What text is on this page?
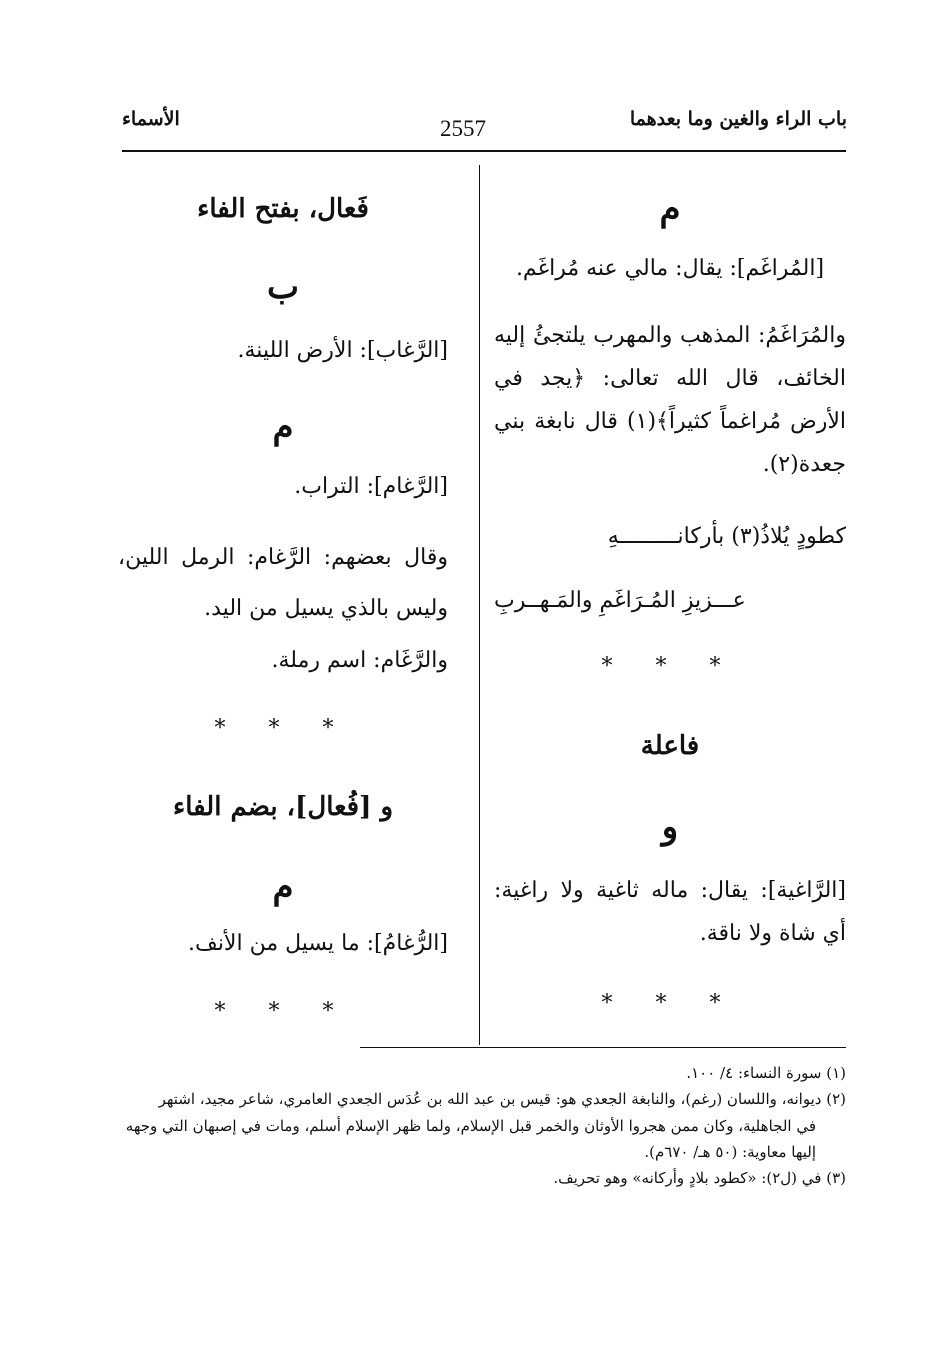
باب الراء والغين وما بعدهما
2557
الأسماء
م
[المُراغَم]: يقال: مالي عنه مُراغَم.
والمُرَاغَمُ: المذهب والمهرب يلتجئُ إليه الخائف، قال الله تعالى: ﴿يجد في الأرض مُراغماً كثيراً﴾(١) قال نابغة بني جعدة(٢).
كطودٍ يُلاذُ(٣) بأركانـــــــــهِ
عـــزيزِ المُـرَاغَمِ والمَـهــربِ
* * *
فاعلة
و
[الرَّاغية]: يقال: ماله ثاغية ولا راغية: أي شاة ولا ناقة.
* * *
فَعال، بفتح الفاء
ب
[الرَّغاب]: الأرض اللينة.
م
[الرَّغام]: التراب.
وقال بعضهم: الرَّغام: الرمل اللين، وليس بالذي يسيل من اليد.
والرَّغَام: اسم رملة.
* * *
و [فُعال]، بضم الفاء
م
[الرُّغامُ]: ما يسيل من الأنف.
* * *

(١) سورة النساء: ٤/ ١٠٠.

(٢) ديوانه، واللسان (رغم)، والنابغة الجعدي هو: قيس بن عبد الله بن عُدَس الجعدي العامري، شاعر مجيد، اشتهر

في الجاهلية، وكان ممن هجروا الأوثان والخمر قبل الإسلام، ولما ظهر الإسلام أسلم، ومات في إصبهان التي وجهه

إليها معاوية: (٥٠ هـ/ ٦٧٠م).

(٣) في (ل٢): «كطود بلادٍ وأركانه» وهو تحريف.
